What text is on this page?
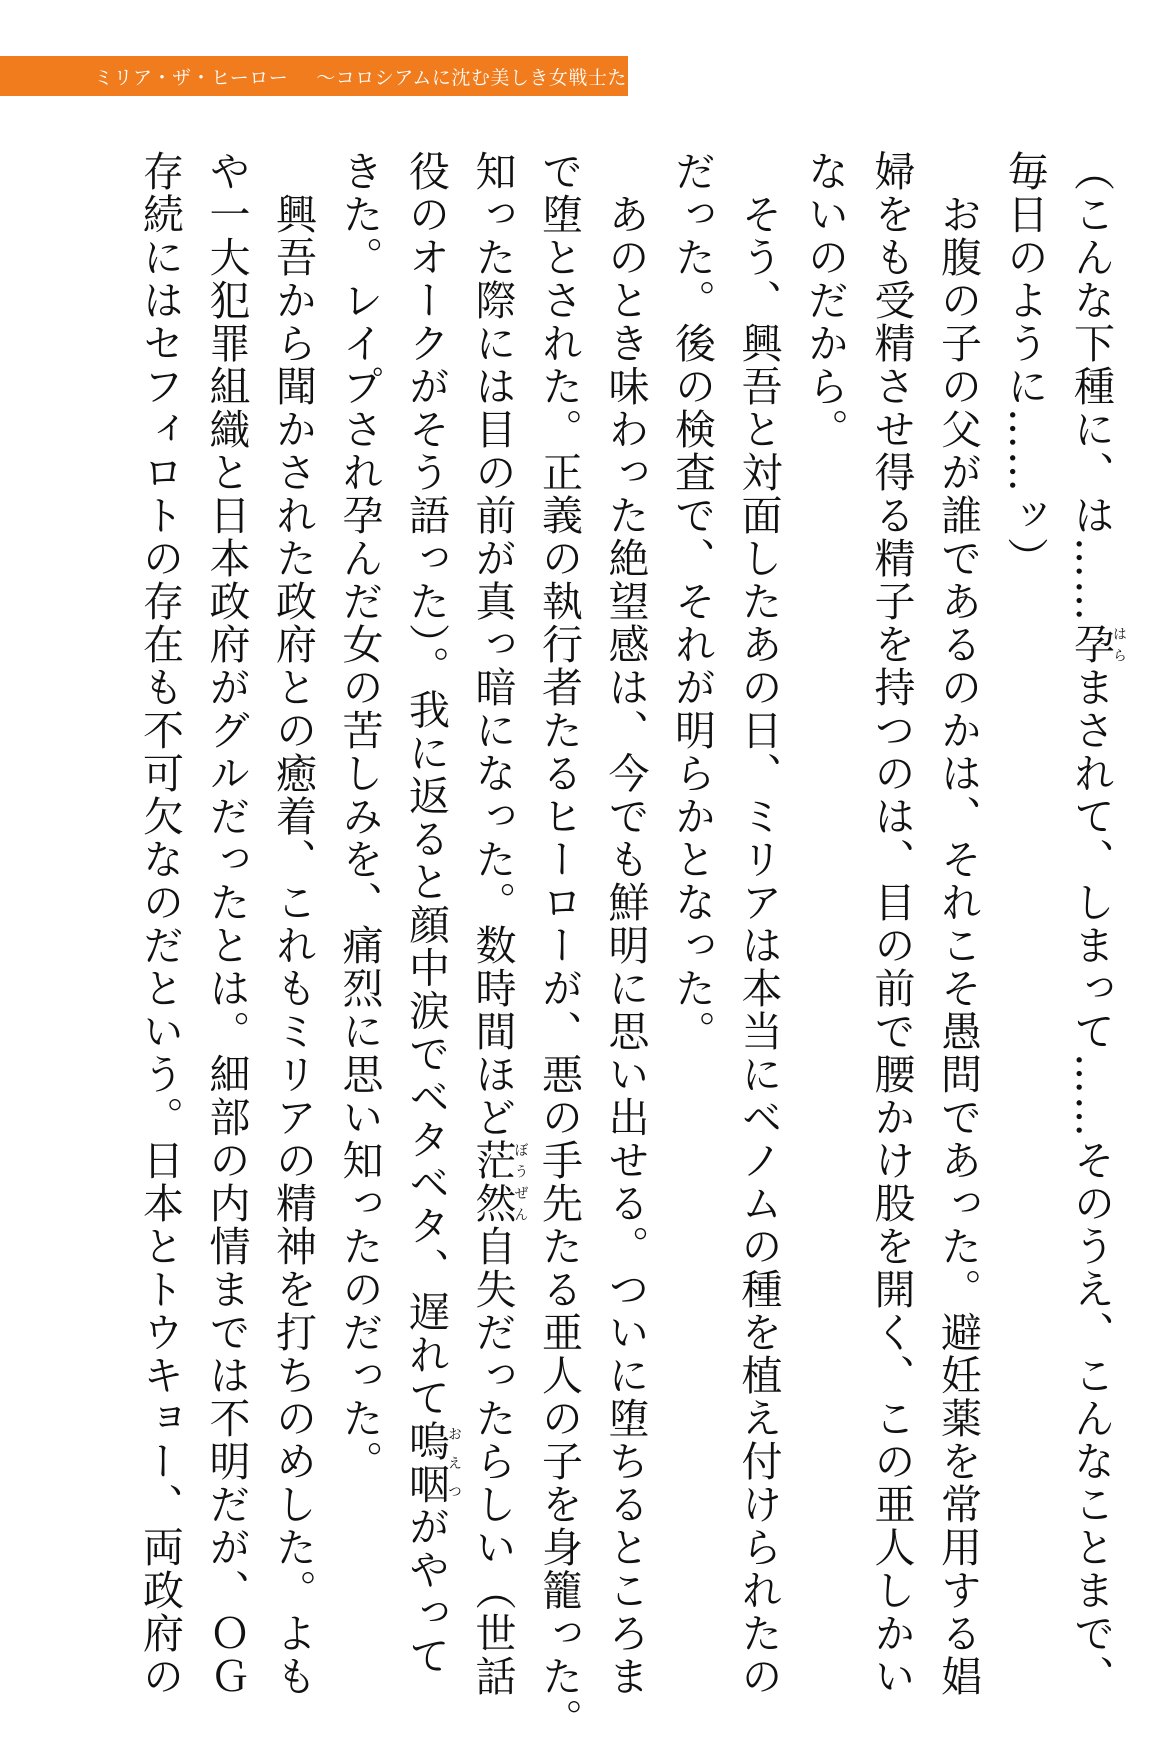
ミリア・ザ・ヒーロー 〜コロシアムに沈む美しき女戦士たち〜
（こんな下種に、は……孕はらまされて、しまって……そのうえ、こんなことまで、
毎日のように……ッ）
　お腹の子の父が誰であるのかは、それこそ愚問であった。避妊薬を常用する娼
婦をも受精させ得る精子を持つのは、目の前で腰かけ股を開く、この亜人しかい
ないのだから。
　そう、興吾と対面したあの日、ミリアは本当にベノムの種を植え付けられたの
だった。後の検査で、それが明らかとなった。
　あのとき味わった絶望感は、今でも鮮明に思い出せる。ついに堕ちるところま
で堕とされた。正義の執行者たるヒーローが、悪の手先たる亜人の子を身籠った。
知った際には目の前が真っ暗になった。数時間ほど茫然ぼうぜん自失だったらしい（世話
役のオークがそう語った）。我に返ると顔中涙でベタベタ、遅れて嗚咽おえつがやって
きた。レイプされ孕んだ女の苦しみを、痛烈に思い知ったのだった。
　興吾から聞かされた政府との癒着、これもミリアの精神を打ちのめした。よも
や一大犯罪組織と日本政府がグルだったとは。細部の内情までは不明だが、ＯＧ
存続にはセフィロトの存在も不可欠なのだという。日本とトウキョー、両政府の
